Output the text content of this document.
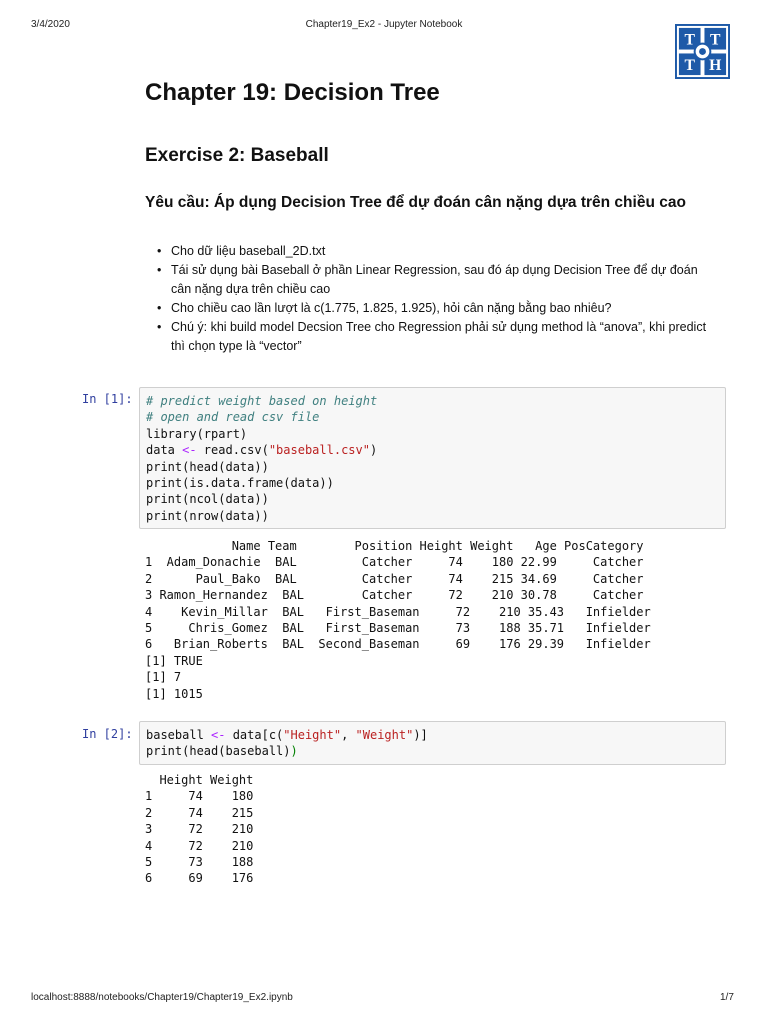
3/4/2020	Chapter19_Ex2 - Jupyter Notebook
T T
T H
Chapter 19: Decision Tree
Exercise 2: Baseball
Yêu cầu: Áp dụng Decision Tree để dự đoán cân nặng dựa trên chiều cao
• Cho dữ liệu baseball_2D.txt
• Tái sử dụng bài Baseball ở phần Linear Regression, sau đó áp dụng Decision Tree để dự đoán cân nặng dựa trên chiều cao
• Cho chiều cao lần lượt là c(1.775, 1.825, 1.925), hỏi cân nặng bằng bao nhiêu?
• Chú ý: khi build model Decsion Tree cho Regression phải sử dụng method là “anova”, khi predict thì chọn type là “vector”
In [1]:	# predict weight based on height
# open and read csv file
library(rpart)
data <- read.csv("baseball.csv")
print(head(data))
print(is.data.frame(data))
print(ncol(data))
print(nrow(data))
Name Team        Position Height Weight   Age PosCategory
1  Adam_Donachie  BAL         Catcher     74    180 22.99     Catcher
2      Paul_Bako  BAL         Catcher     74    215 34.69     Catcher
3 Ramon_Hernandez  BAL        Catcher     72    210 30.78     Catcher
4    Kevin_Millar  BAL   First_Baseman     72    210 35.43   Infielder
5     Chris_Gomez  BAL   First_Baseman     73    188 35.71   Infielder
6   Brian_Roberts  BAL  Second_Baseman     69    176 29.39   Infielder
[1] TRUE
[1] 7
[1] 1015
In [2]:	baseball <- data[c("Height", "Weight")]
print(head(baseball))
Height Weight
1     74    180
2     74    215
3     72    210
4     72    210
5     73    188
6     69    176
localhost:8888/notebooks/Chapter19/Chapter19_Ex2.ipynb	1/7
